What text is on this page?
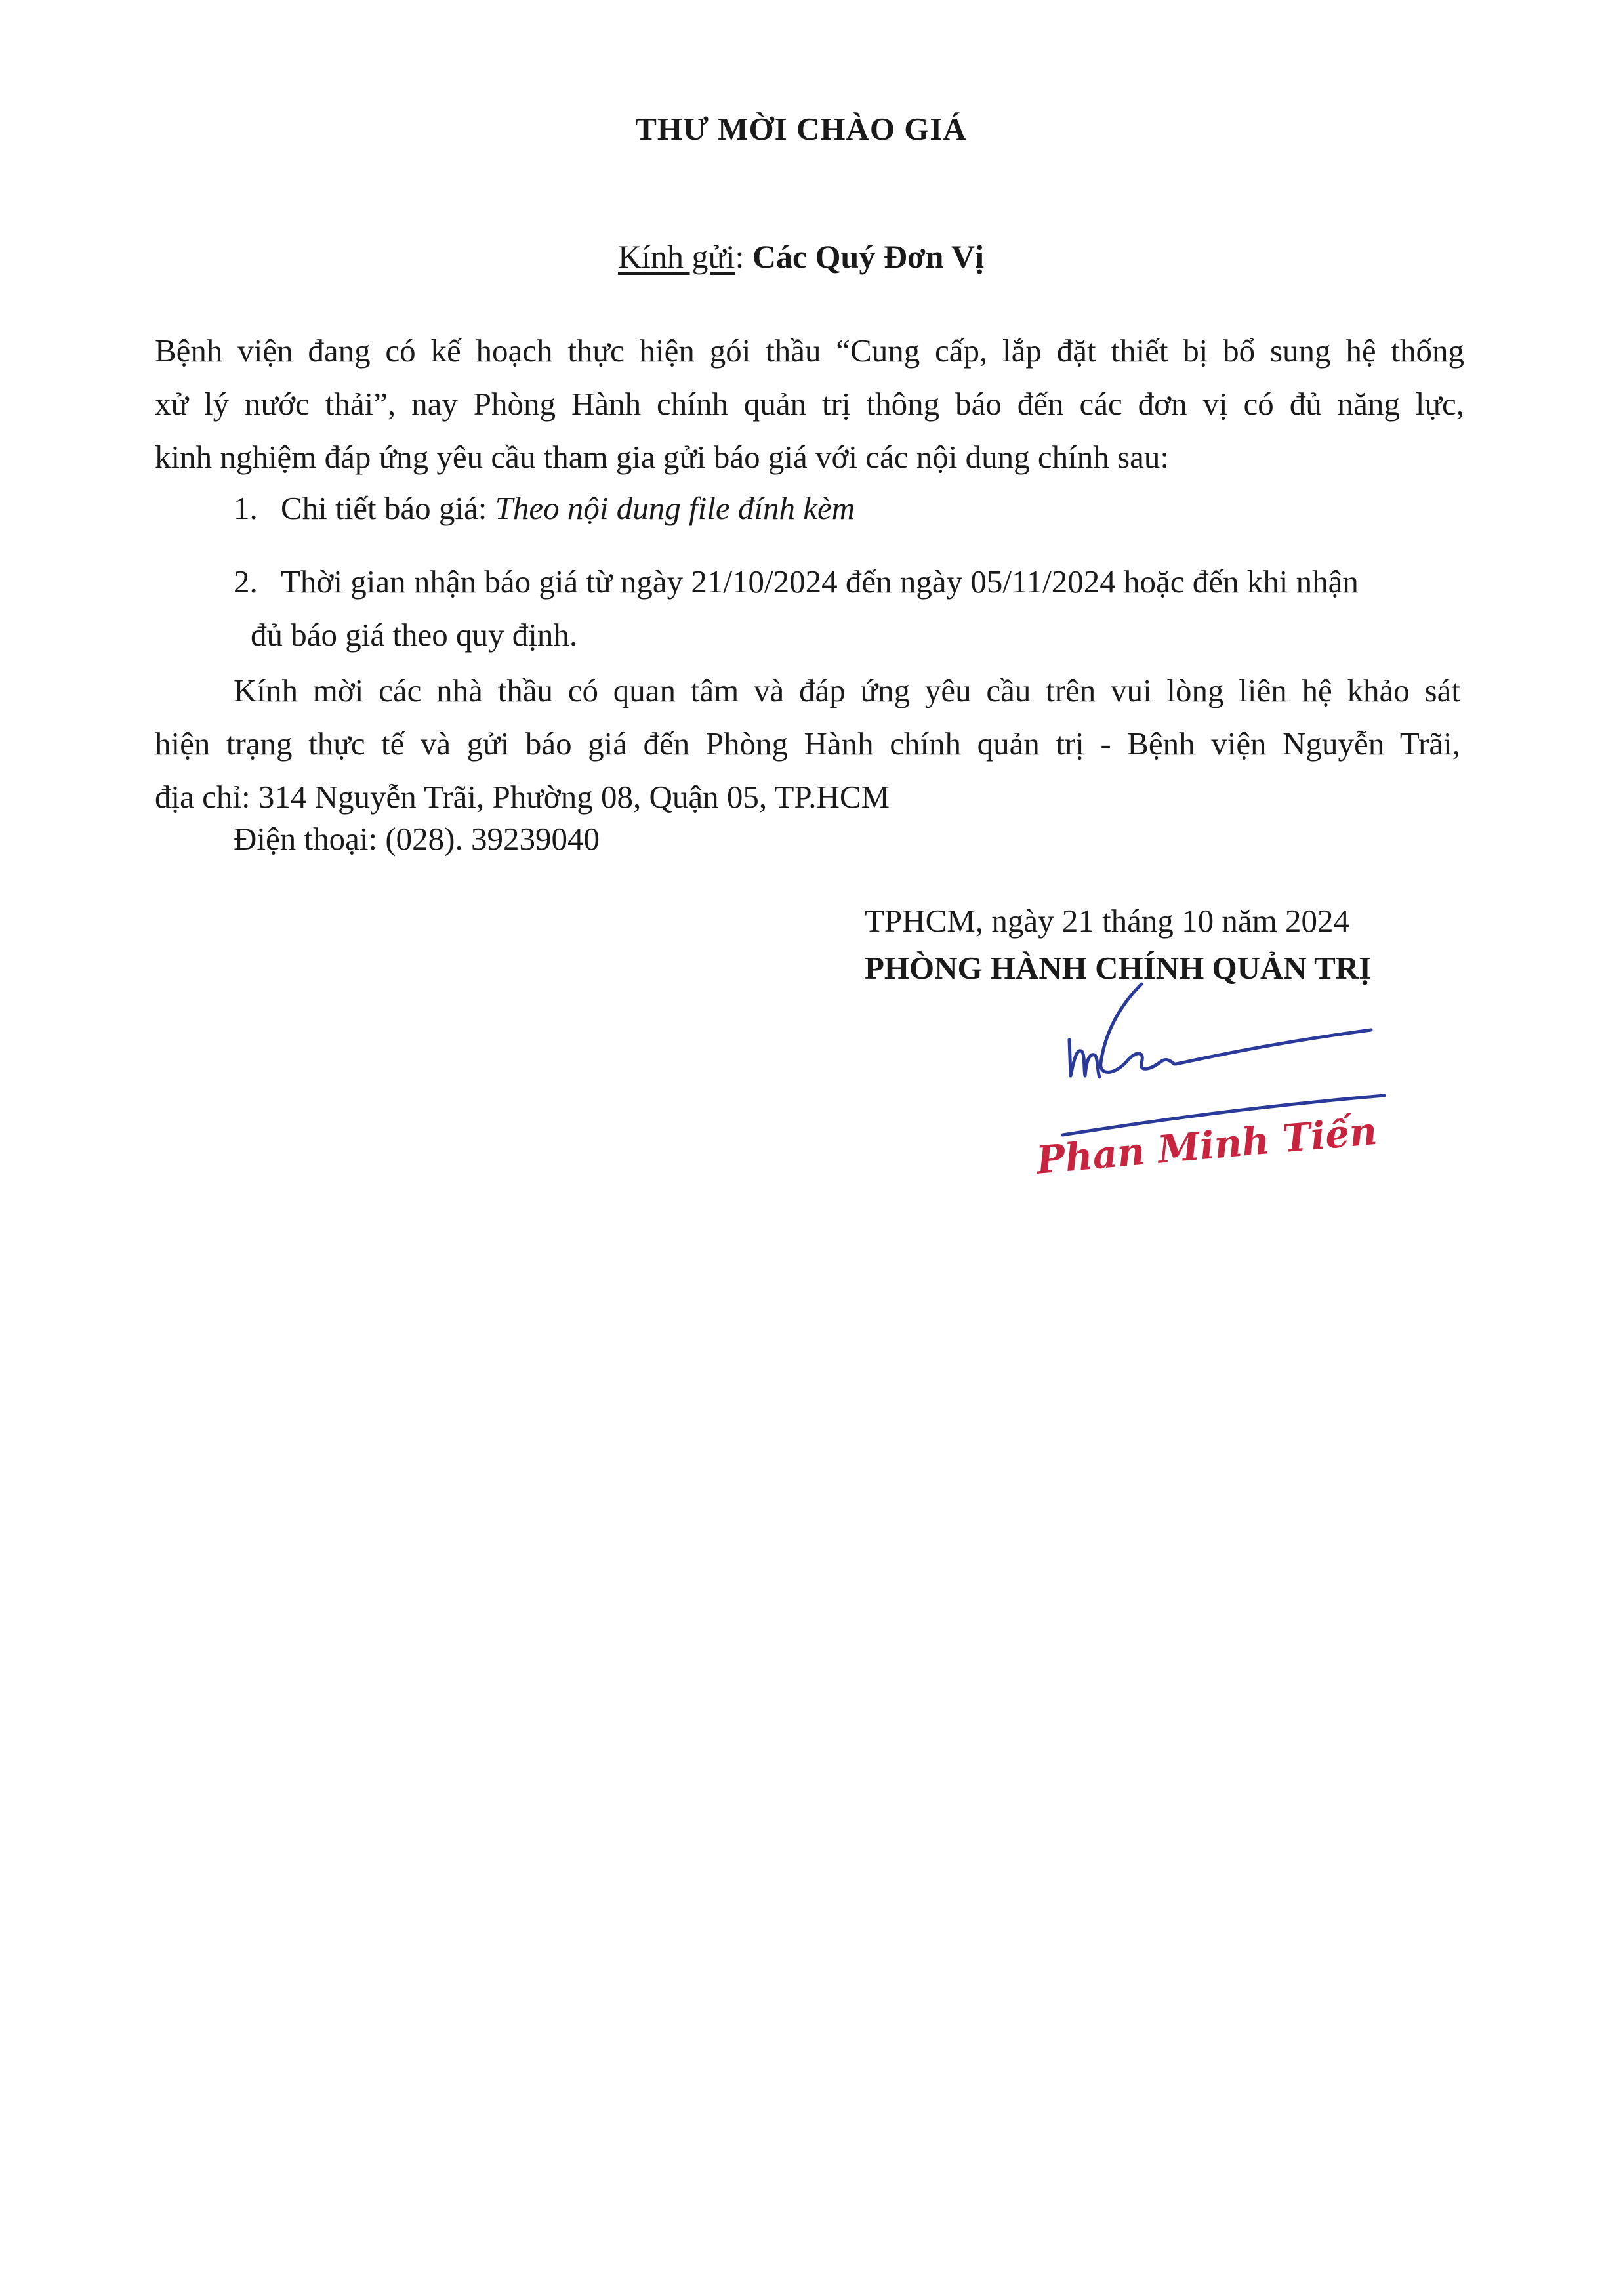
THƯ MỜI CHÀO GIÁ
Kính gửi: Các Quý Đơn Vị
Bệnh viện đang có kế hoạch thực hiện gói thầu “Cung cấp, lắp đặt thiết bị bổ sung hệ thống
xử lý nước thải”, nay Phòng Hành chính quản trị thông báo đến các đơn vị có đủ năng lực,
kinh nghiệm đáp ứng yêu cầu tham gia gửi báo giá với các nội dung chính sau:
1. Chi tiết báo giá: Theo nội dung file đính kèm
2. Thời gian nhận báo giá từ ngày 21/10/2024 đến ngày 05/11/2024 hoặc đến khi nhận
đủ báo giá theo quy định.
Kính mời các nhà thầu có quan tâm và đáp ứng yêu cầu trên vui lòng liên hệ khảo sát
hiện trạng thực tế và gửi báo giá đến Phòng Hành chính quản trị - Bệnh viện Nguyễn Trãi,
địa chỉ: 314 Nguyễn Trãi, Phường 08, Quận 05, TP.HCM
Điện thoại: (028). 39239040
TPHCM, ngày 21 tháng 10 năm 2024
PHÒNG HÀNH CHÍNH QUẢN TRỊ
Phan Minh Tiến
